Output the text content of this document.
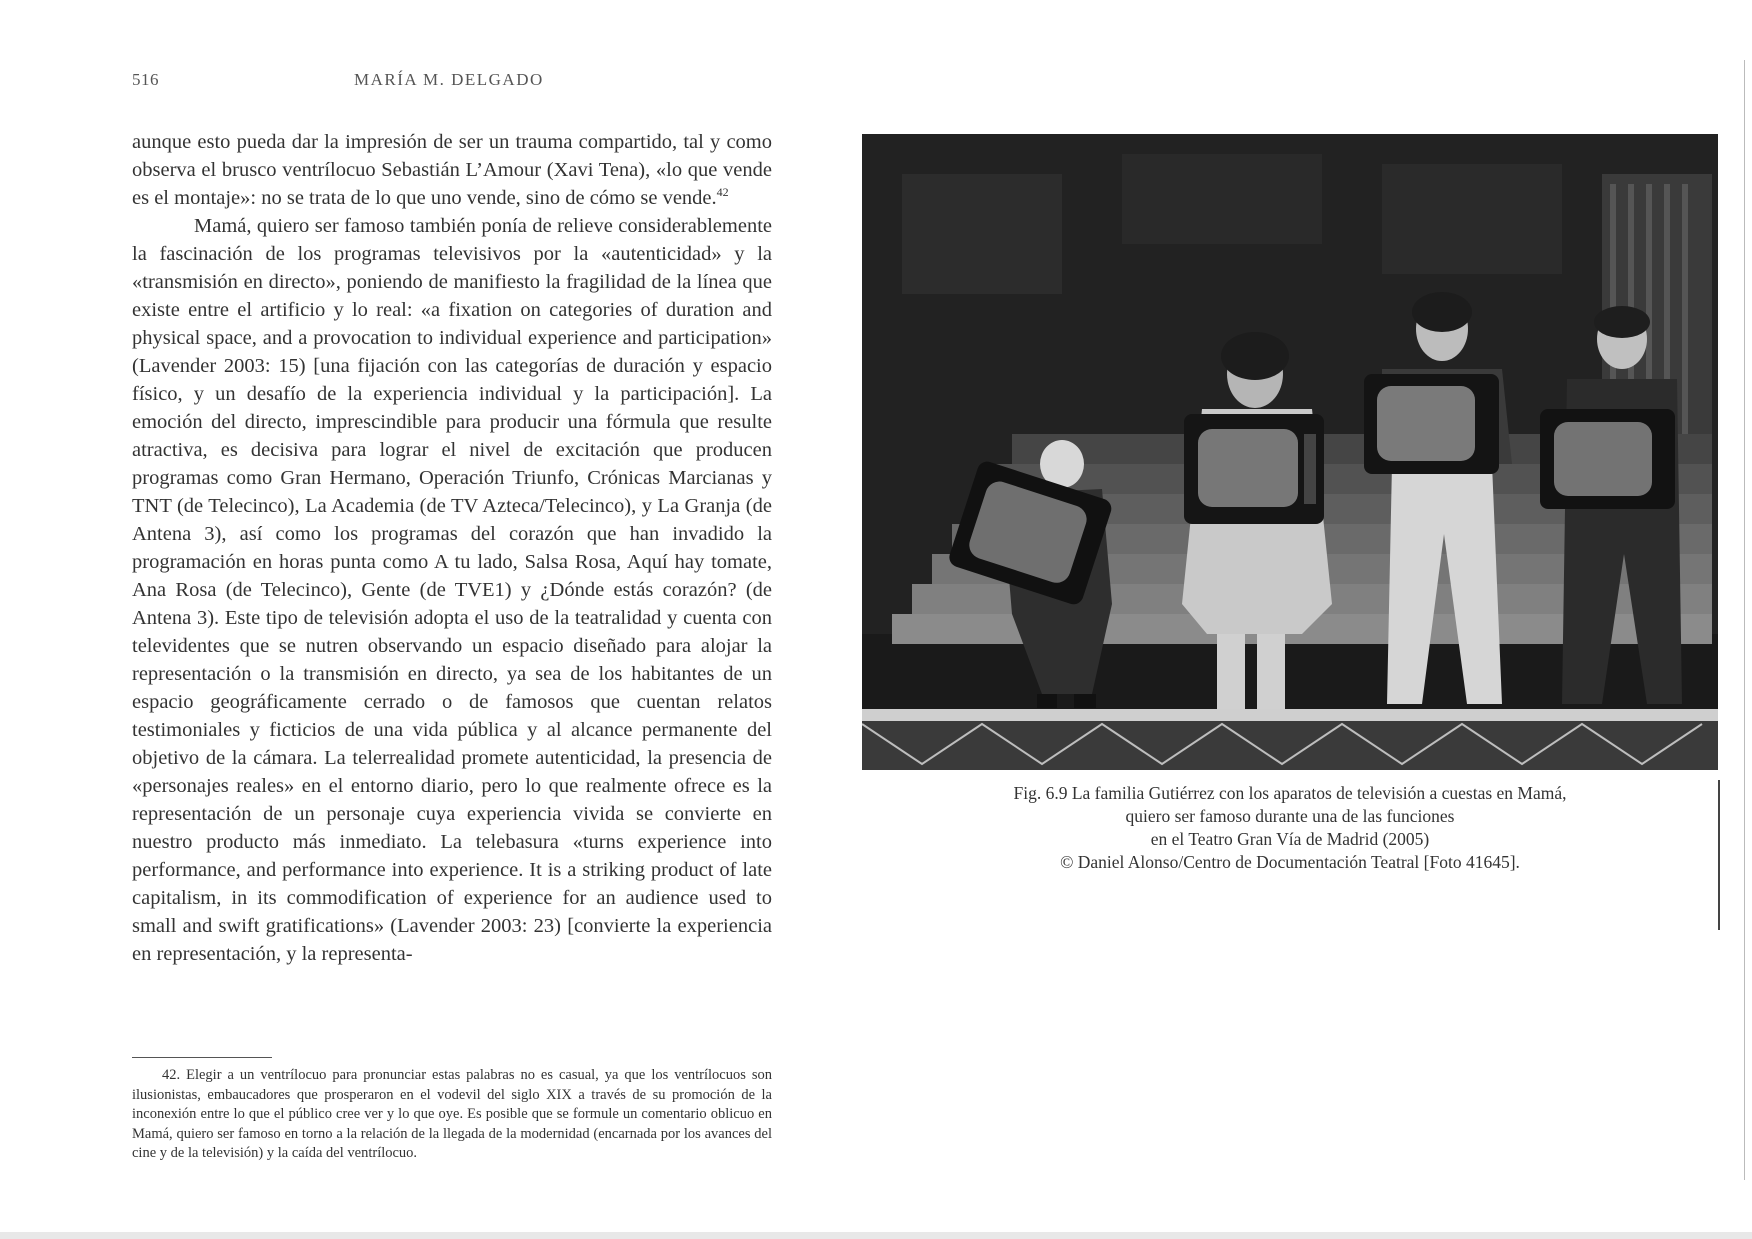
516	MARÍA M. DELGADO

aunque esto pueda dar la impresión de ser un trauma compartido, tal y como observa el brusco ventrílocuo Sebastián L’Amour (Xavi Tena), «lo que vende es el montaje»: no se trata de lo que uno vende, sino de cómo se vende.$^{42}$

Mamá, quiero ser famoso también ponía de relieve considerablemente la fascinación de los programas televisivos por la «autenticidad» y la «transmisión en directo», poniendo de manifiesto la fragilidad de la línea que existe entre el artificio y lo real: «a fixation on categories of duration and physical space, and a provocation to individual experience and participation» (Lavender 2003: 15) [una fijación con las categorías de duración y espacio físico, y un desafío de la experiencia individual y la participación]. La emoción del directo, imprescindible para producir una fórmula que resulte atractiva, es decisiva para lograr el nivel de excitación que producen programas como Gran Hermano, Operación Triunfo, Crónicas Marcianas y TNT (de Telecinco), La Academia (de TV Azteca/Telecinco), y La Granja (de Antena 3), así como los programas del corazón que han invadido la programación en horas punta como A tu lado, Salsa Rosa, Aquí hay tomate, Ana Rosa (de Telecinco), Gente (de TVE1) y ¿Dónde estás corazón? (de Antena 3). Este tipo de televisión adopta el uso de la teatralidad y cuenta con televidentes que se nutren observando un espacio diseñado para alojar la representación o la transmisión en directo, ya sea de los habitantes de un espacio geográficamente cerrado o de famosos que cuentan relatos testimoniales y ficticios de una vida pública y al alcance permanente del objetivo de la cámara. La telerrealidad promete autenticidad, la presencia de «personajes reales» en el entorno diario, pero lo que realmente ofrece es la representación de un personaje cuya experiencia vivida se convierte en nuestro producto más inmediato. La telebasura «turns experience into performance, and performance into experience. It is a striking product of late capitalism, in its commodification of experience for an audience used to small and swift gratifications» (Lavender 2003: 23) [convierte la experiencia en representación, y la representa-

42. Elegir a un ventrílocuo para pronunciar estas palabras no es casual, ya que los ventrílocuos son ilusionistas, embaucadores que prosperaron en el vodevil del siglo XIX a través de su promoción de la inconexión entre lo que el público cree ver y lo que oye. Es posible que se formule un comentario oblicuo en Mamá, quiero ser famoso en torno a la relación de la llegada de la modernidad (encarnada por los avances del cine y de la televisión) y la caída del ventrílocuo.
Fig. 6.9 La familia Gutiérrez con los aparatos de televisión a cuestas en Mamá,
quiero ser famoso durante una de las funciones
en el Teatro Gran Vía de Madrid (2005)
© Daniel Alonso/Centro de Documentación Teatral [Foto 41645].
